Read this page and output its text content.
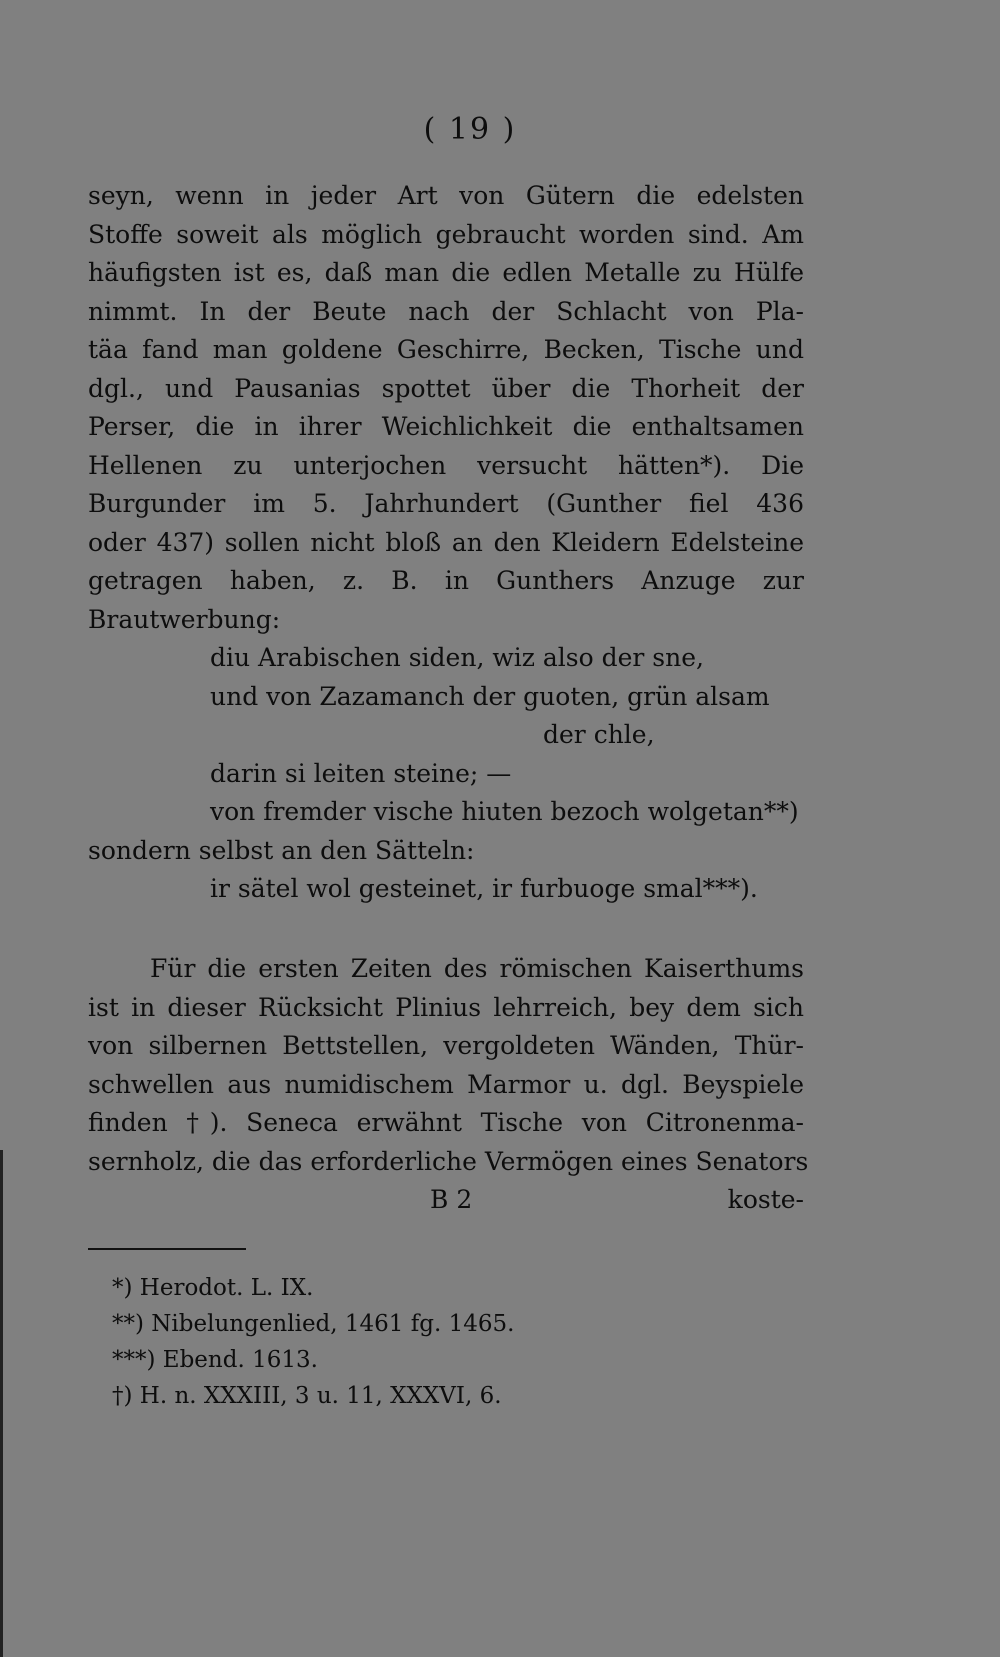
( 19 )
seyn, wenn in jeder Art von Gütern die edelsten
Stoffe soweit als möglich gebraucht worden sind. Am
häufigsten ist es, daß man die edlen Metalle zu Hülfe
nimmt. In der Beute nach der Schlacht von Pla-
täa fand man goldene Geschirre, Becken, Tische und
dgl., und Pausanias spottet über die Thorheit der
Perser, die in ihrer Weichlichkeit die enthaltsamen
Hellenen zu unterjochen versucht hätten*). Die
Burgunder im 5. Jahrhundert (Gunther fiel 436
oder 437) sollen nicht bloß an den Kleidern Edelsteine
getragen haben, z. B. in Gunthers Anzuge zur
Brautwerbung:
diu Arabischen siden, wiz also der sne,
und von Zazamanch der guoten, grün alsam
der chle,
darin si leiten steine; —
von fremder vische hiuten bezoch wolgetan**)
sondern selbst an den Sätteln:
ir sätel wol gesteinet, ir furbuoge smal***).
Für die ersten Zeiten des römischen Kaiserthums
ist in dieser Rücksicht Plinius lehrreich, bey dem sich
von silbernen Bettstellen, vergoldeten Wänden, Thür-
schwellen aus numidischem Marmor u. dgl. Beyspiele
finden †). Seneca erwähnt Tische von Citronenma-
sernholz, die das erforderliche Vermögen eines Senators
B 2	koste-
*) Herodot. L. IX.
**) Nibelungenlied, 1461 fg. 1465.
***) Ebend. 1613.
†) H. n. XXXIII, 3 u. 11, XXXVI, 6.
